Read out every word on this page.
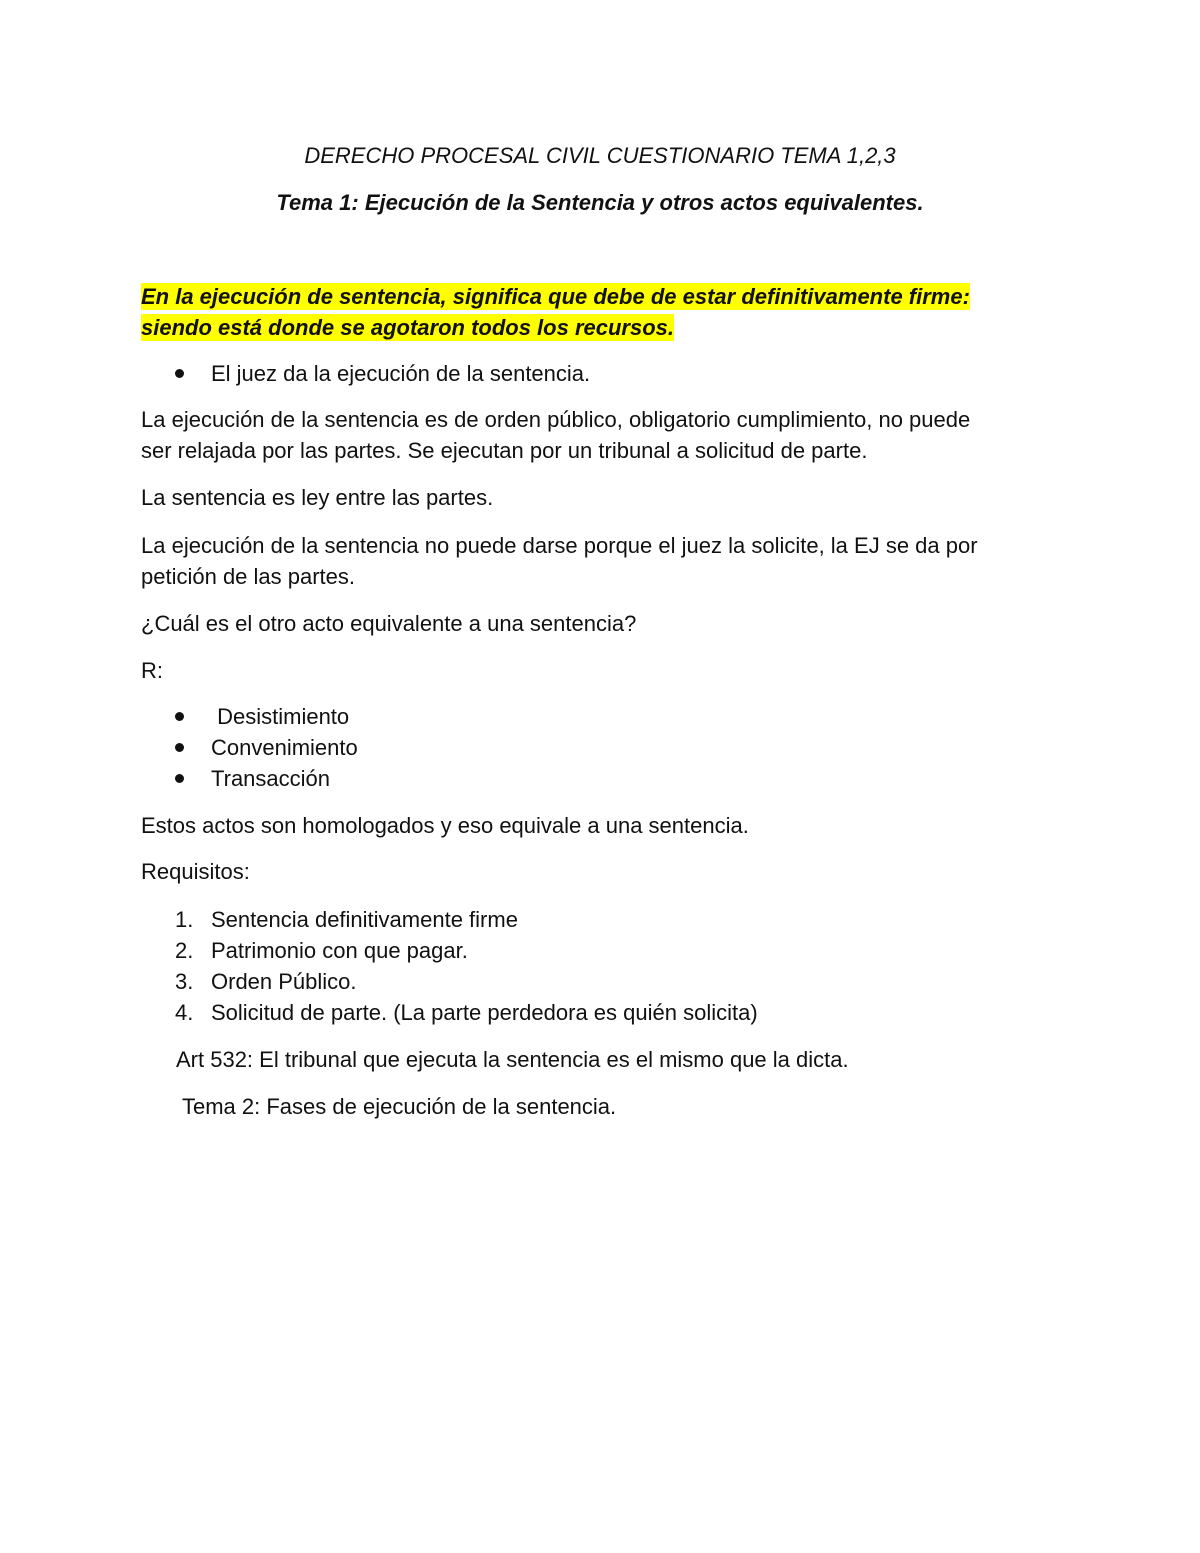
DERECHO PROCESAL CIVIL CUESTIONARIO TEMA 1,2,3
Tema 1: Ejecución de la Sentencia y otros actos equivalentes.
En la ejecución de sentencia, significa que debe de estar definitivamente firme:
siendo está donde se agotaron todos los recursos.
El juez da la ejecución de la sentencia.
La ejecución de la sentencia es de orden público, obligatorio cumplimiento, no puede
ser relajada por las partes. Se ejecutan por un tribunal a solicitud de parte.
La sentencia es ley entre las partes.
La ejecución de la sentencia no puede darse porque el juez la solicite, la EJ se da por
petición de las partes.
¿Cuál es el otro acto equivalente a una sentencia?
R:
Desistimiento
Convenimiento
Transacción
Estos actos son homologados y eso equivale a una sentencia.
Requisitos:
1. Sentencia definitivamente firme
2. Patrimonio con que pagar.
3. Orden Público.
4. Solicitud de parte. (La parte perdedora es quién solicita)
Art 532: El tribunal que ejecuta la sentencia es el mismo que la dicta.
Tema 2: Fases de ejecución de la sentencia.
